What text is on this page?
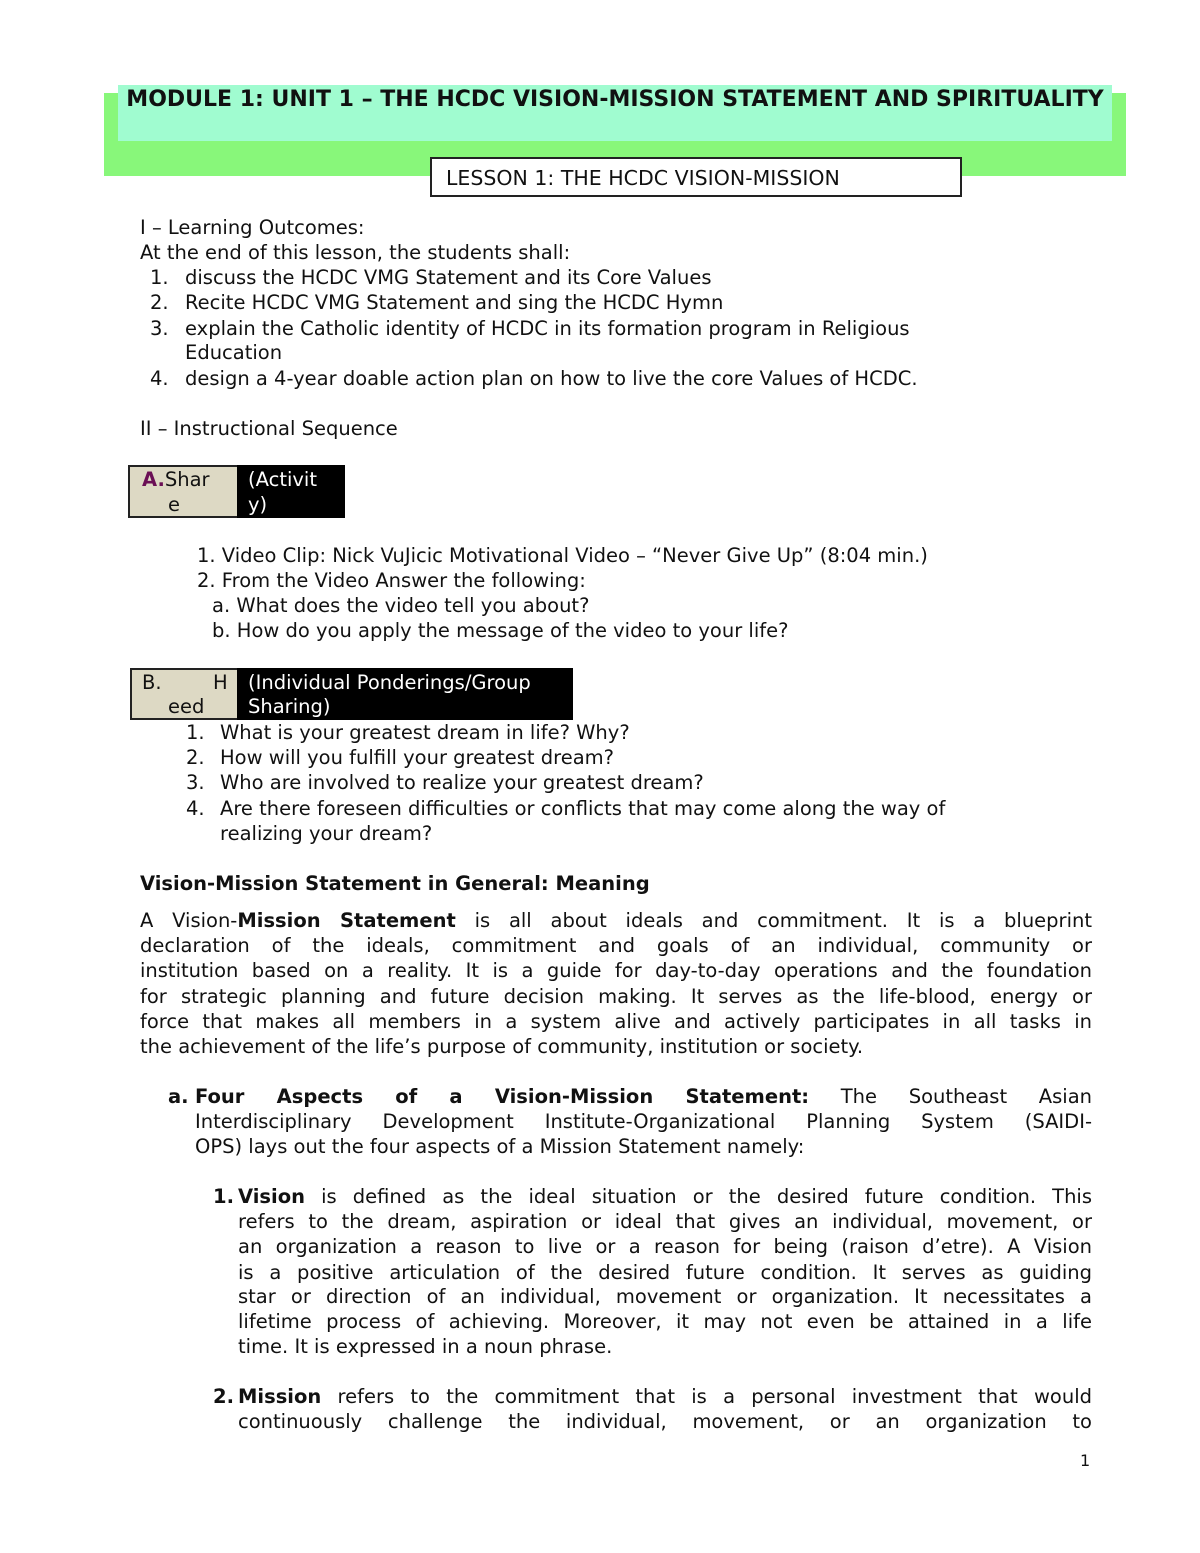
MODULE 1: UNIT 1 – THE HCDC VISION-MISSION STATEMENT AND SPIRITUALITY
LESSON 1: THE HCDC VISION-MISSION
I – Learning Outcomes:
At the end of this lesson, the students shall:
1. discuss the HCDC VMG Statement and its Core Values
2. Recite HCDC VMG Statement and sing the HCDC Hymn
3. explain the Catholic identity of HCDC in its formation program in Religious
Education
4. design a 4-year doable action plan on how to live the core Values of HCDC.
II – Instructional Sequence
A.Shar
e
(Activit
y)
1. Video Clip: Nick VuJicic Motivational Video – “Never Give Up” (8:04 min.)
2. From the Video Answer the following:
a. What does the video tell you about?
b. How do you apply the message of the video to your life?
B.	H
eed
(Individual Ponderings/Group
Sharing)
1. What is your greatest dream in life? Why?
2. How will you fulfill your greatest dream?
3. Who are involved to realize your greatest dream?
4. Are there foreseen difficulties or conflicts that may come along the way of
realizing your dream?
Vision-Mission Statement in General: Meaning
A Vision-Mission Statement is all about ideals and commitment. It is a blueprint
declaration of the ideals, commitment and goals of an individual, community or
institution based on a reality. It is a guide for day-to-day operations and the foundation
for strategic planning and future decision making. It serves as the life-blood, energy or
force that makes all members in a system alive and actively participates in all tasks in
the achievement of the life’s purpose of community, institution or society.
a. Four Aspects of a Vision-Mission Statement: The Southeast Asian
Interdisciplinary Development Institute-Organizational Planning System (SAIDI-
OPS) lays out the four aspects of a Mission Statement namely:
1. Vision is defined as the ideal situation or the desired future condition. This
refers to the dream, aspiration or ideal that gives an individual, movement, or
an organization a reason to live or a reason for being (raison d’etre). A Vision
is a positive articulation of the desired future condition. It serves as guiding
star or direction of an individual, movement or organization. It necessitates a
lifetime process of achieving. Moreover, it may not even be attained in a life
time. It is expressed in a noun phrase.
2. Mission refers to the commitment that is a personal investment that would
continuously challenge the individual, movement, or an organization to
1
